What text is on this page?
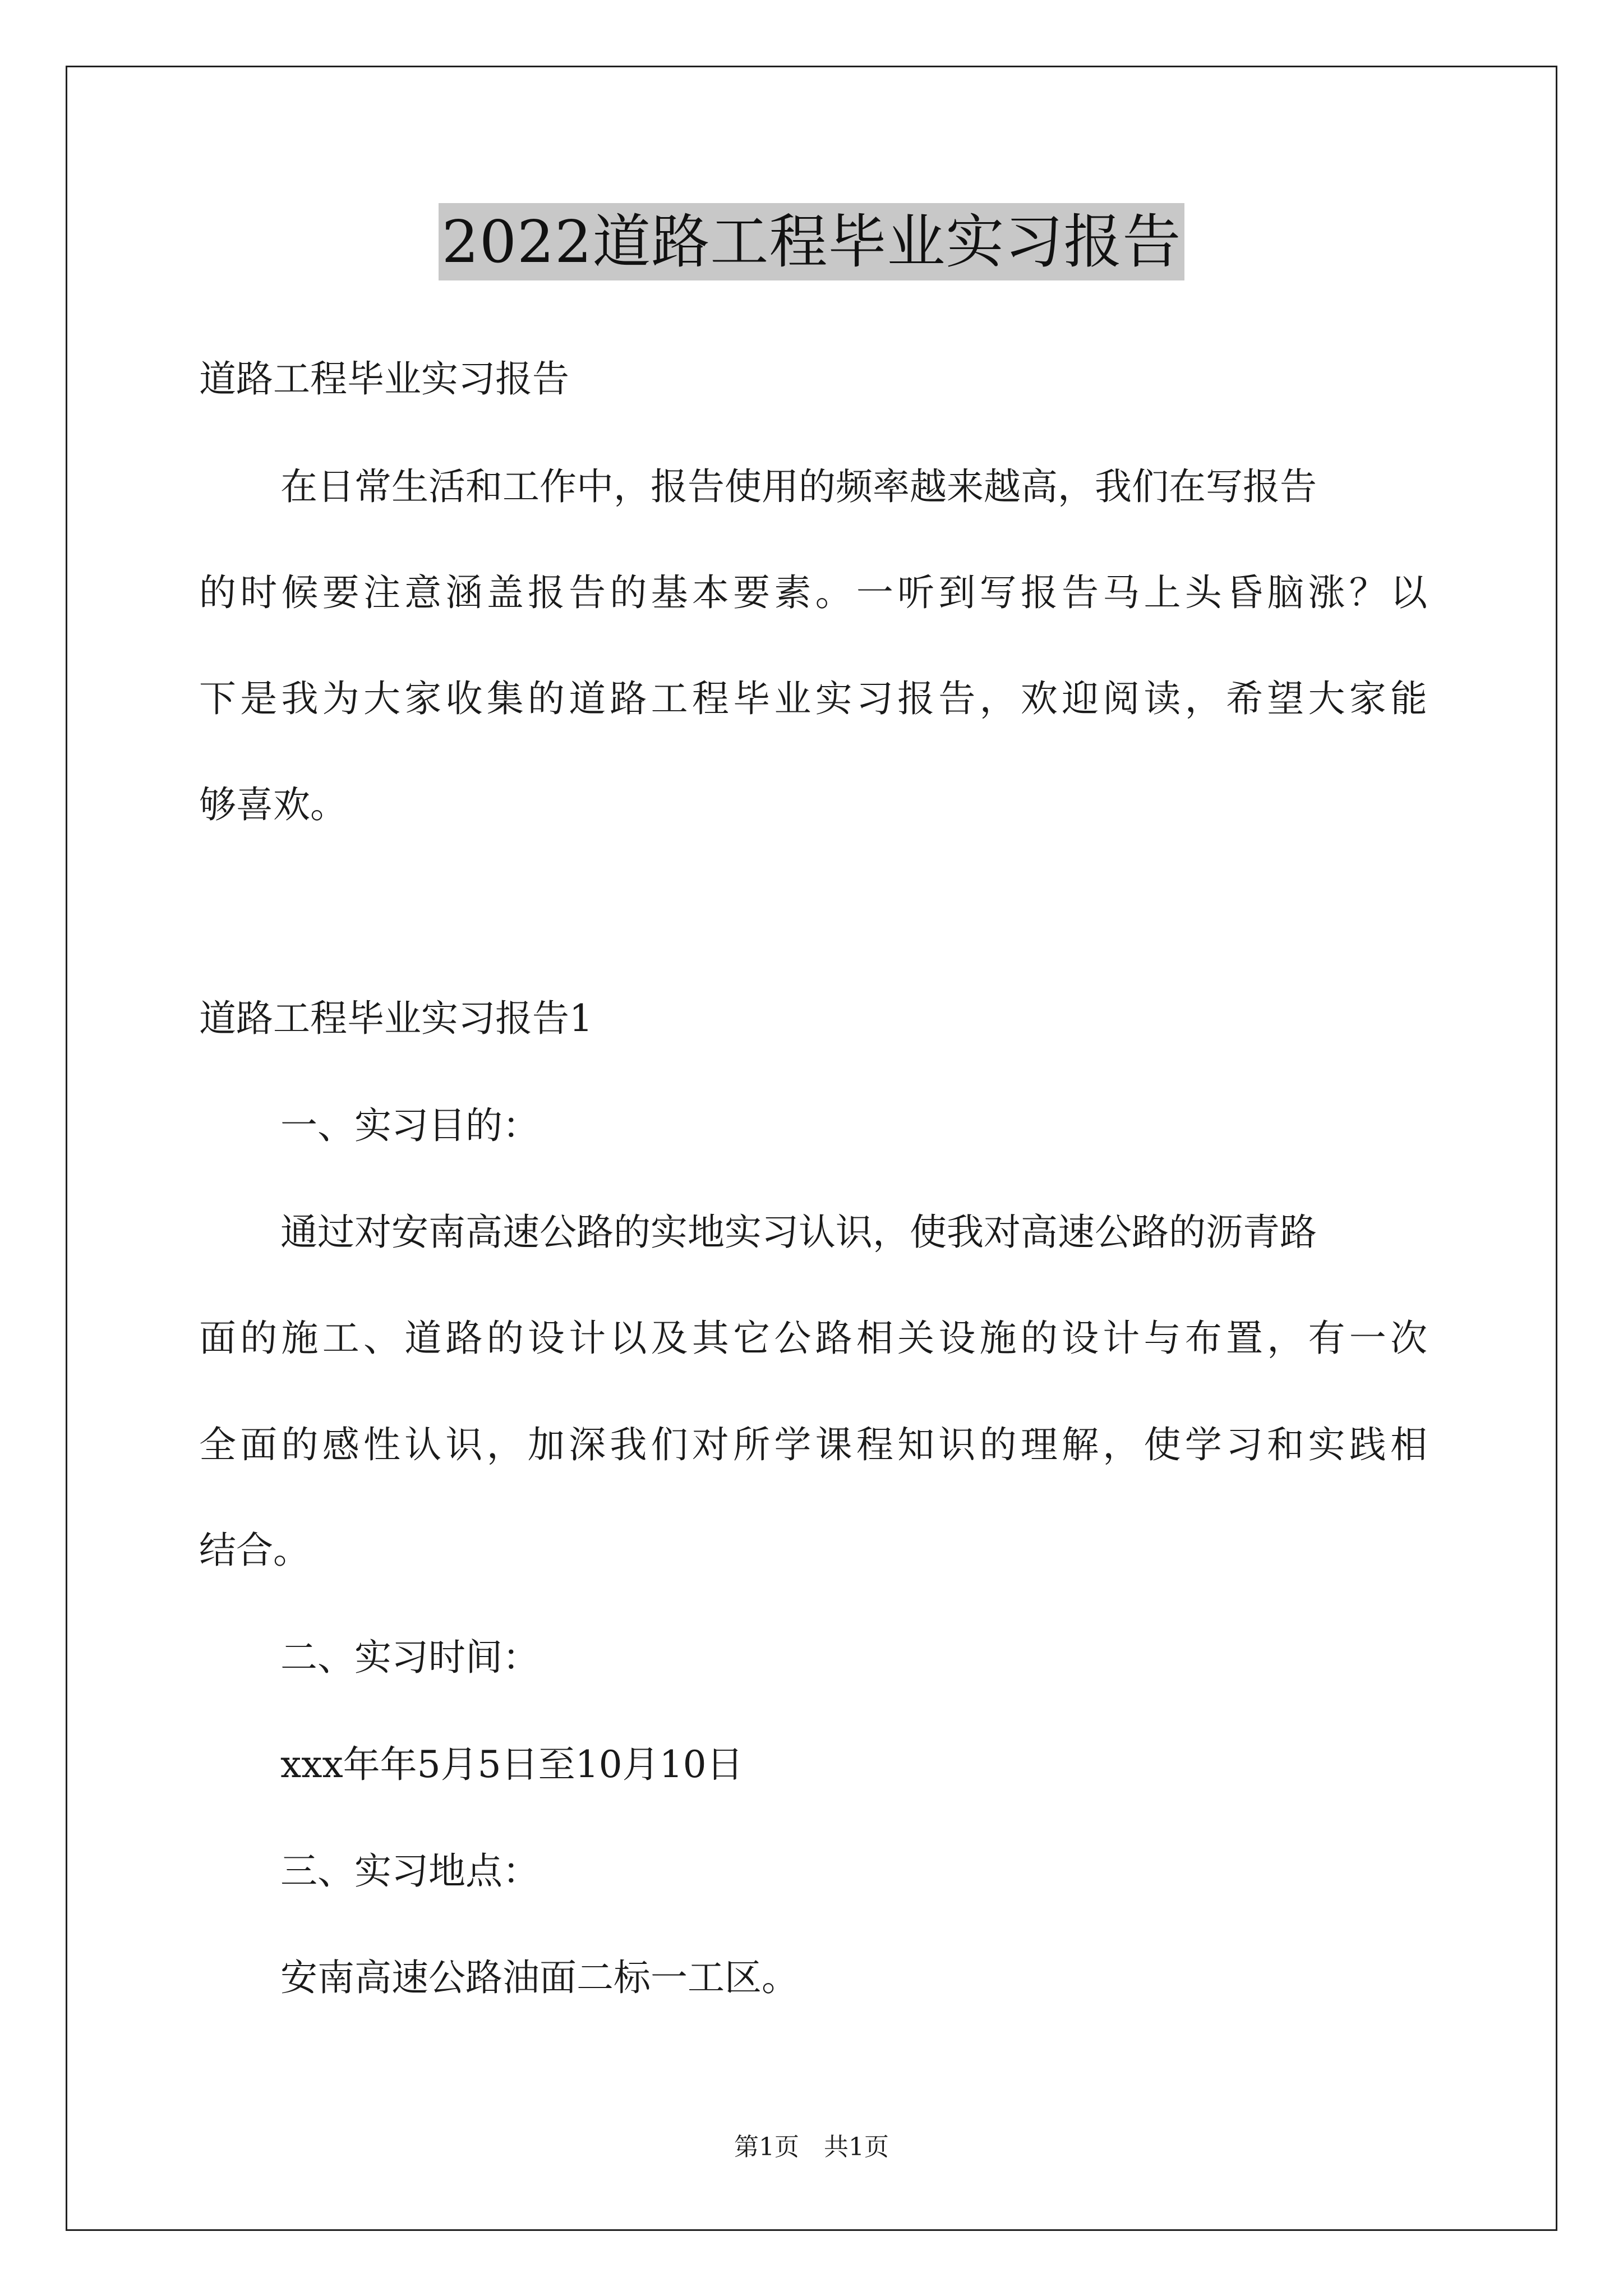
2022道路工程毕业实习报告
道路工程毕业实习报告
在日常生活和工作中，报告使用的频率越来越高，我们在写报告
的时候要注意涵盖报告的基本要素。一听到写报告马上头昏脑涨？以
下是我为大家收集的道路工程毕业实习报告，欢迎阅读，希望大家能
够喜欢。
道路工程毕业实习报告1
一、实习目的：
通过对安南高速公路的实地实习认识，使我对高速公路的沥青路
面的施工、道路的设计以及其它公路相关设施的设计与布置，有一次
全面的感性认识，加深我们对所学课程知识的理解，使学习和实践相
结合。
二、实习时间：
xxx年年5月5日至10月10日
三、实习地点：
安南高速公路油面二标一工区。
第1页 共1页
